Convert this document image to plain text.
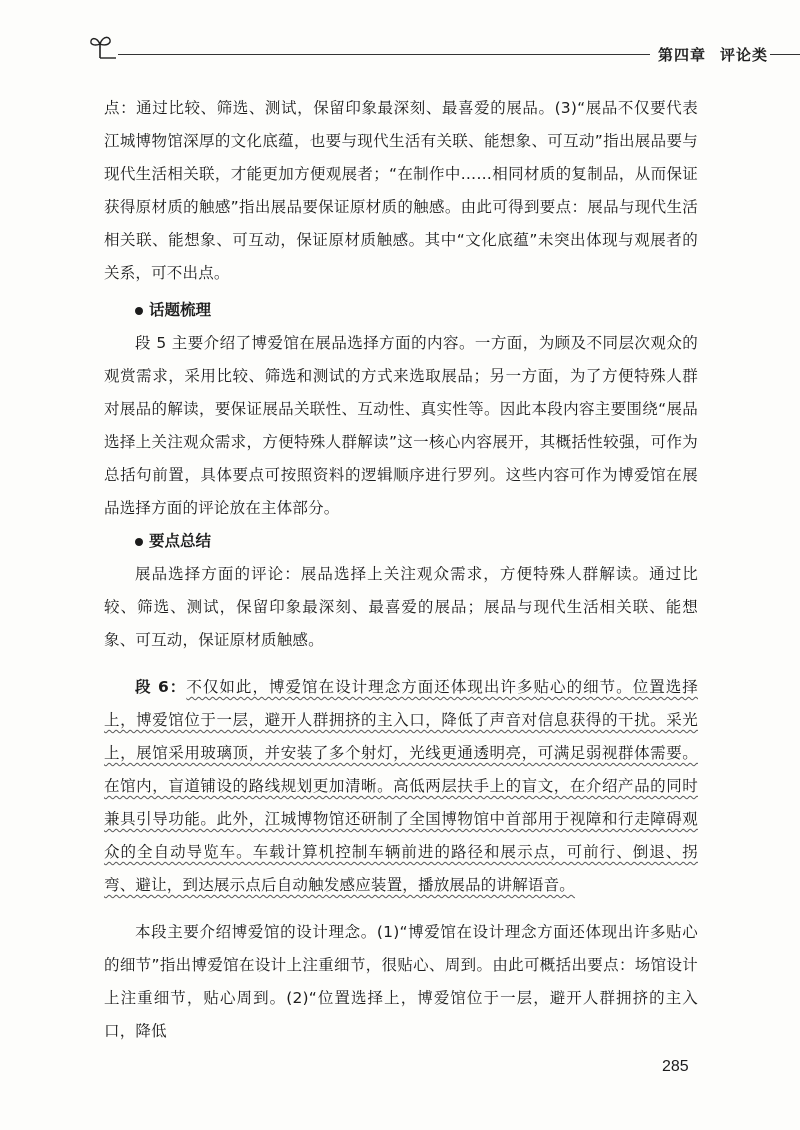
第四章 评论类

点：通过比较、筛选、测试，保留印象最深刻、最喜爱的展品。(3)“展品不仅要代表江城博物馆深厚的文化底蕴，也要与现代生活有关联、能想象、可互动”指出展品要与现代生活相关联，才能更加方便观展者；“在制作中……相同材质的复制品，从而保证获得原材质的触感”指出展品要保证原材质的触感。由此可得到要点：展品与现代生活相关联、能想象、可互动，保证原材质触感。其中“文化底蕴”未突出体现与观展者的关系，可不出点。

话题梳理

段 5 主要介绍了博爱馆在展品选择方面的内容。一方面，为顾及不同层次观众的观赏需求，采用比较、筛选和测试的方式来选取展品；另一方面，为了方便特殊人群对展品的解读，要保证展品关联性、互动性、真实性等。因此本段内容主要围绕“展品选择上关注观众需求，方便特殊人群解读”这一核心内容展开，其概括性较强，可作为总括句前置，具体要点可按照资料的逻辑顺序进行罗列。这些内容可作为博爱馆在展品选择方面的评论放在主体部分。

要点总结

展品选择方面的评论：展品选择上关注观众需求，方便特殊人群解读。通过比较、筛选、测试，保留印象最深刻、最喜爱的展品；展品与现代生活相关联、能想象、可互动，保证原材质触感。

段 6：不仅如此，博爱馆在设计理念方面还体现出许多贴心的细节。位置选择上，博爱馆位于一层，避开人群拥挤的主入口，降低了声音对信息获得的干扰。采光上，展馆采用玻璃顶，并安装了多个射灯，光线更通透明亮，可满足弱视群体需要。在馆内，盲道铺设的路线规划更加清晰。高低两层扶手上的盲文，在介绍产品的同时兼具引导功能。此外，江城博物馆还研制了全国博物馆中首部用于视障和行走障碍观众的全自动导览车。车载计算机控制车辆前进的路径和展示点，可前行、倒退、拐弯、避让，到达展示点后自动触发感应装置，播放展品的讲解语音。

本段主要介绍博爱馆的设计理念。(1)“博爱馆在设计理念方面还体现出许多贴心的细节”指出博爱馆在设计上注重细节，很贴心、周到。由此可概括出要点：场馆设计上注重细节，贴心周到。(2)“位置选择上，博爱馆位于一层，避开人群拥挤的主入口，降低

285
